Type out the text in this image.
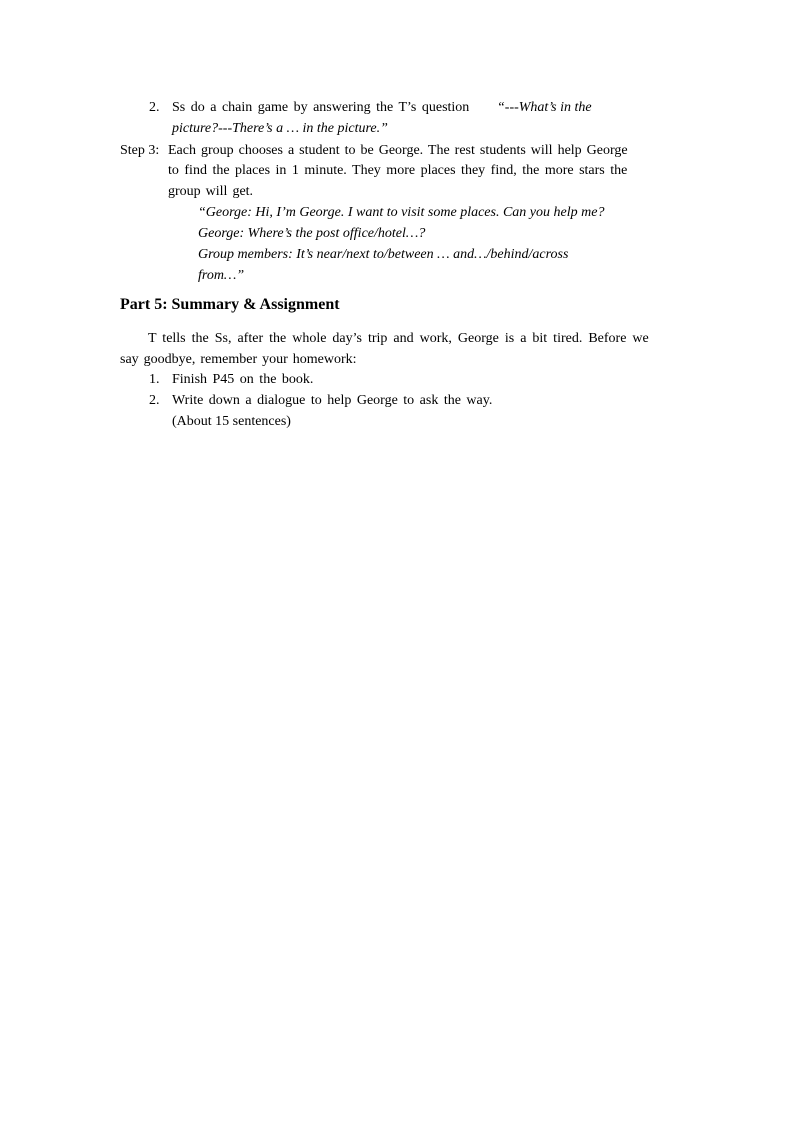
2. Ss do a chain game by answering the T’s question “---What’s in the
picture?---There’s a … in the picture.”
Step 3: Each group chooses a student to be George. The rest students will help George
to find the places in 1 minute. They more places they find, the more stars the
group will get.
“George: Hi, I’m George. I want to visit some places. Can you help me?
George: Where’s the post office/hotel…?
Group members: It’s near/next to/between … and…/behind/across
from…”
Part 5: Summary & Assignment
T tells the Ss, after the whole day’s trip and work, George is a bit tired. Before we
say goodbye, remember your homework:
1. Finish P45 on the book.
2. Write down a dialogue to help George to ask the way.
(About 15 sentences)
